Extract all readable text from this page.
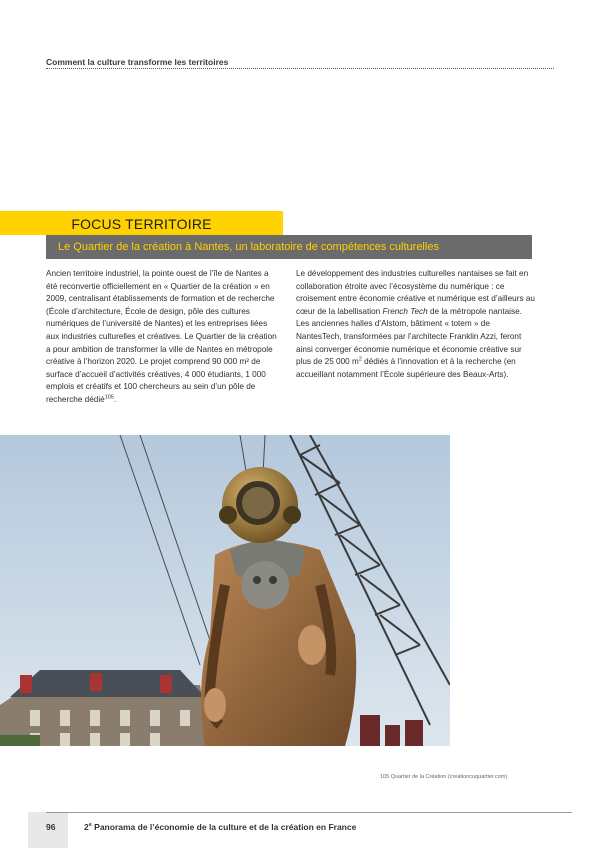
Comment la culture transforme les territoires
FOCUS TERRITOIRE
Le Quartier de la création à Nantes, un laboratoire de compétences culturelles

Ancien territoire industriel, la pointe ouest de l’île de Nantes a été reconvertie officiellement en « Quartier de la création » en 2009, centralisant établissements de formation et de recherche (École d’architecture, École de design, pôle des cultures numériques de l’université de Nantes) et les entreprises liées aux industries culturelles et créatives. Le Quartier de la création a pour ambition de transformer la ville de Nantes en métropole créative à l’horizon 2020. Le projet comprend 90 000 m² de surface d’accueil d’activités créatives, 4 000 étudiants, 1 000 emplois et créatifs et 100 chercheurs au sein d’un pôle de recherche dédié$^{105}$.

Le développement des industries culturelles nantaises se fait en collaboration étroite avec l’écosystème du numérique : ce croisement entre économie créative et numérique est d’ailleurs au cœur de la labellisation French Tech de la métropole nantaise. Les anciennes halles d’Alstom, bâtiment « totem » de NantesTech, transformées par l’architecte Franklin Azzi, feront ainsi converger économie numérique et économie créative sur plus de 25 000 $m^2$ dédiés à l’innovation et à la recherche (en accueillant notamment l’École supérieure des Beaux-Arts).

105 Quartier de la Création (creationcuquartier.com)
96	2e Panorama de l’économie de la culture et de la création en France
